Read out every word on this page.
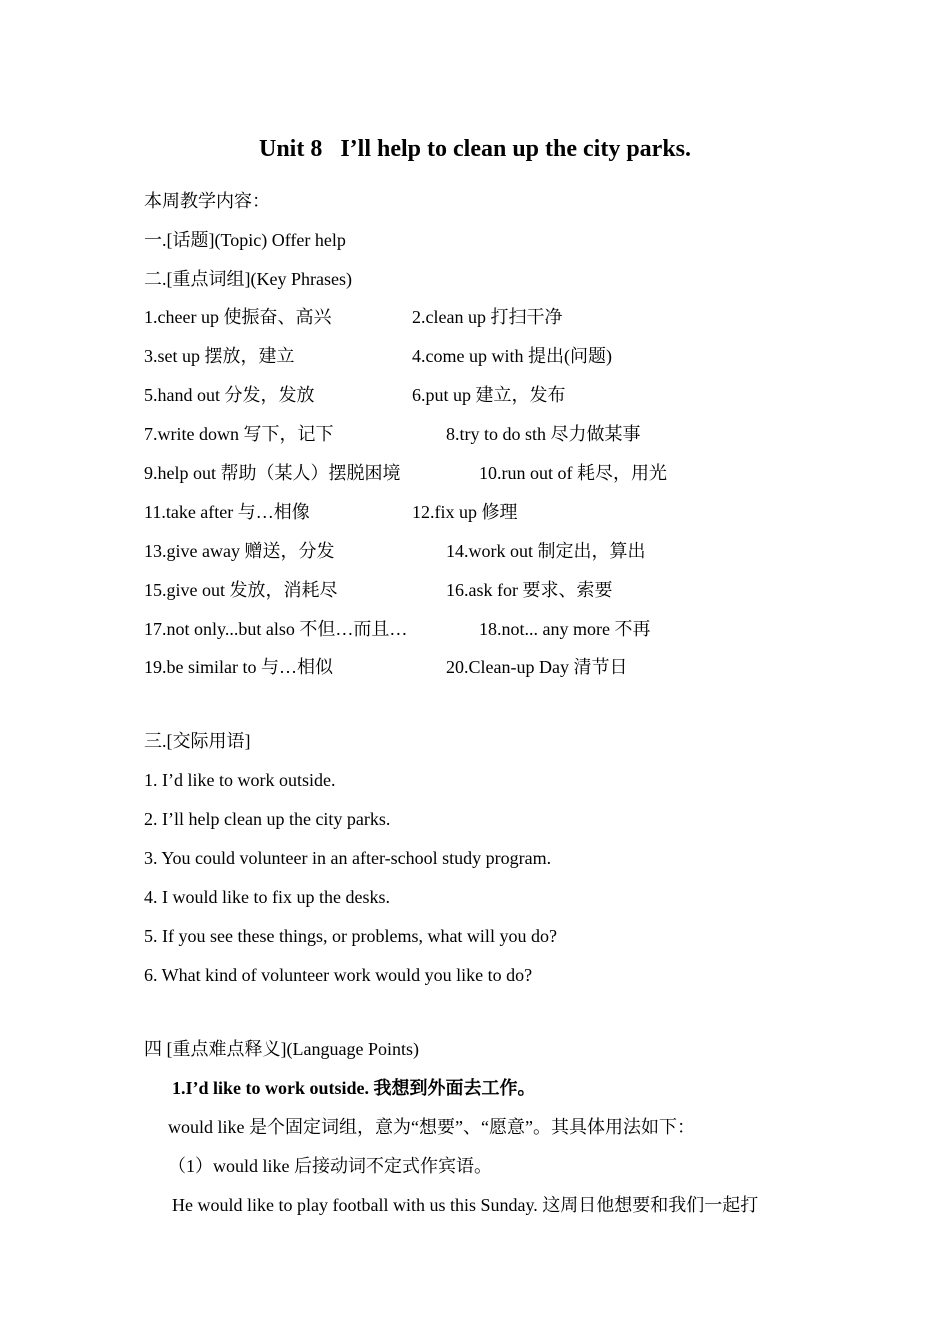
Unit 8   I’ll help to clean up the city parks.
本周教学内容：
一.[话题](Topic) Offer help
二.[重点词组](Key Phrases)
1.cheer up 使振奋、高兴	2.clean up 打扫干净
3.set up 摆放，建立	4.come up with 提出(问题)
5.hand out 分发，发放	6.put up 建立，发布
7.write down 写下，记下	8.try to do sth 尽力做某事
9.help out 帮助（某人）摆脱困境	10.run out of 耗尽，用光
11.take after 与…相像	12.fix up 修理
13.give away 赠送，分发	14.work out 制定出，算出
15.give out 发放，消耗尽	16.ask for 要求、索要
17.not only...but also 不但…而且…	18.not... any more 不再
19.be similar to 与…相似	20.Clean-up Day 清节日
三.[交际用语]
1. I’d like to work outside.
2. I’ll help clean up the city parks.
3. You could volunteer in an after-school study program.
4. I would like to fix up the desks.
5. If you see these things, or problems, what will you do?
6. What kind of volunteer work would you like to do?
四 [重点难点释义](Language Points)
1.I’d like to work outside. 我想到外面去工作。
would like 是个固定词组，意为“想要”、“愿意”。其具体用法如下：
（1）would like 后接动词不定式作宾语。
He would like to play football with us this Sunday. 这周日他想要和我们一起打
